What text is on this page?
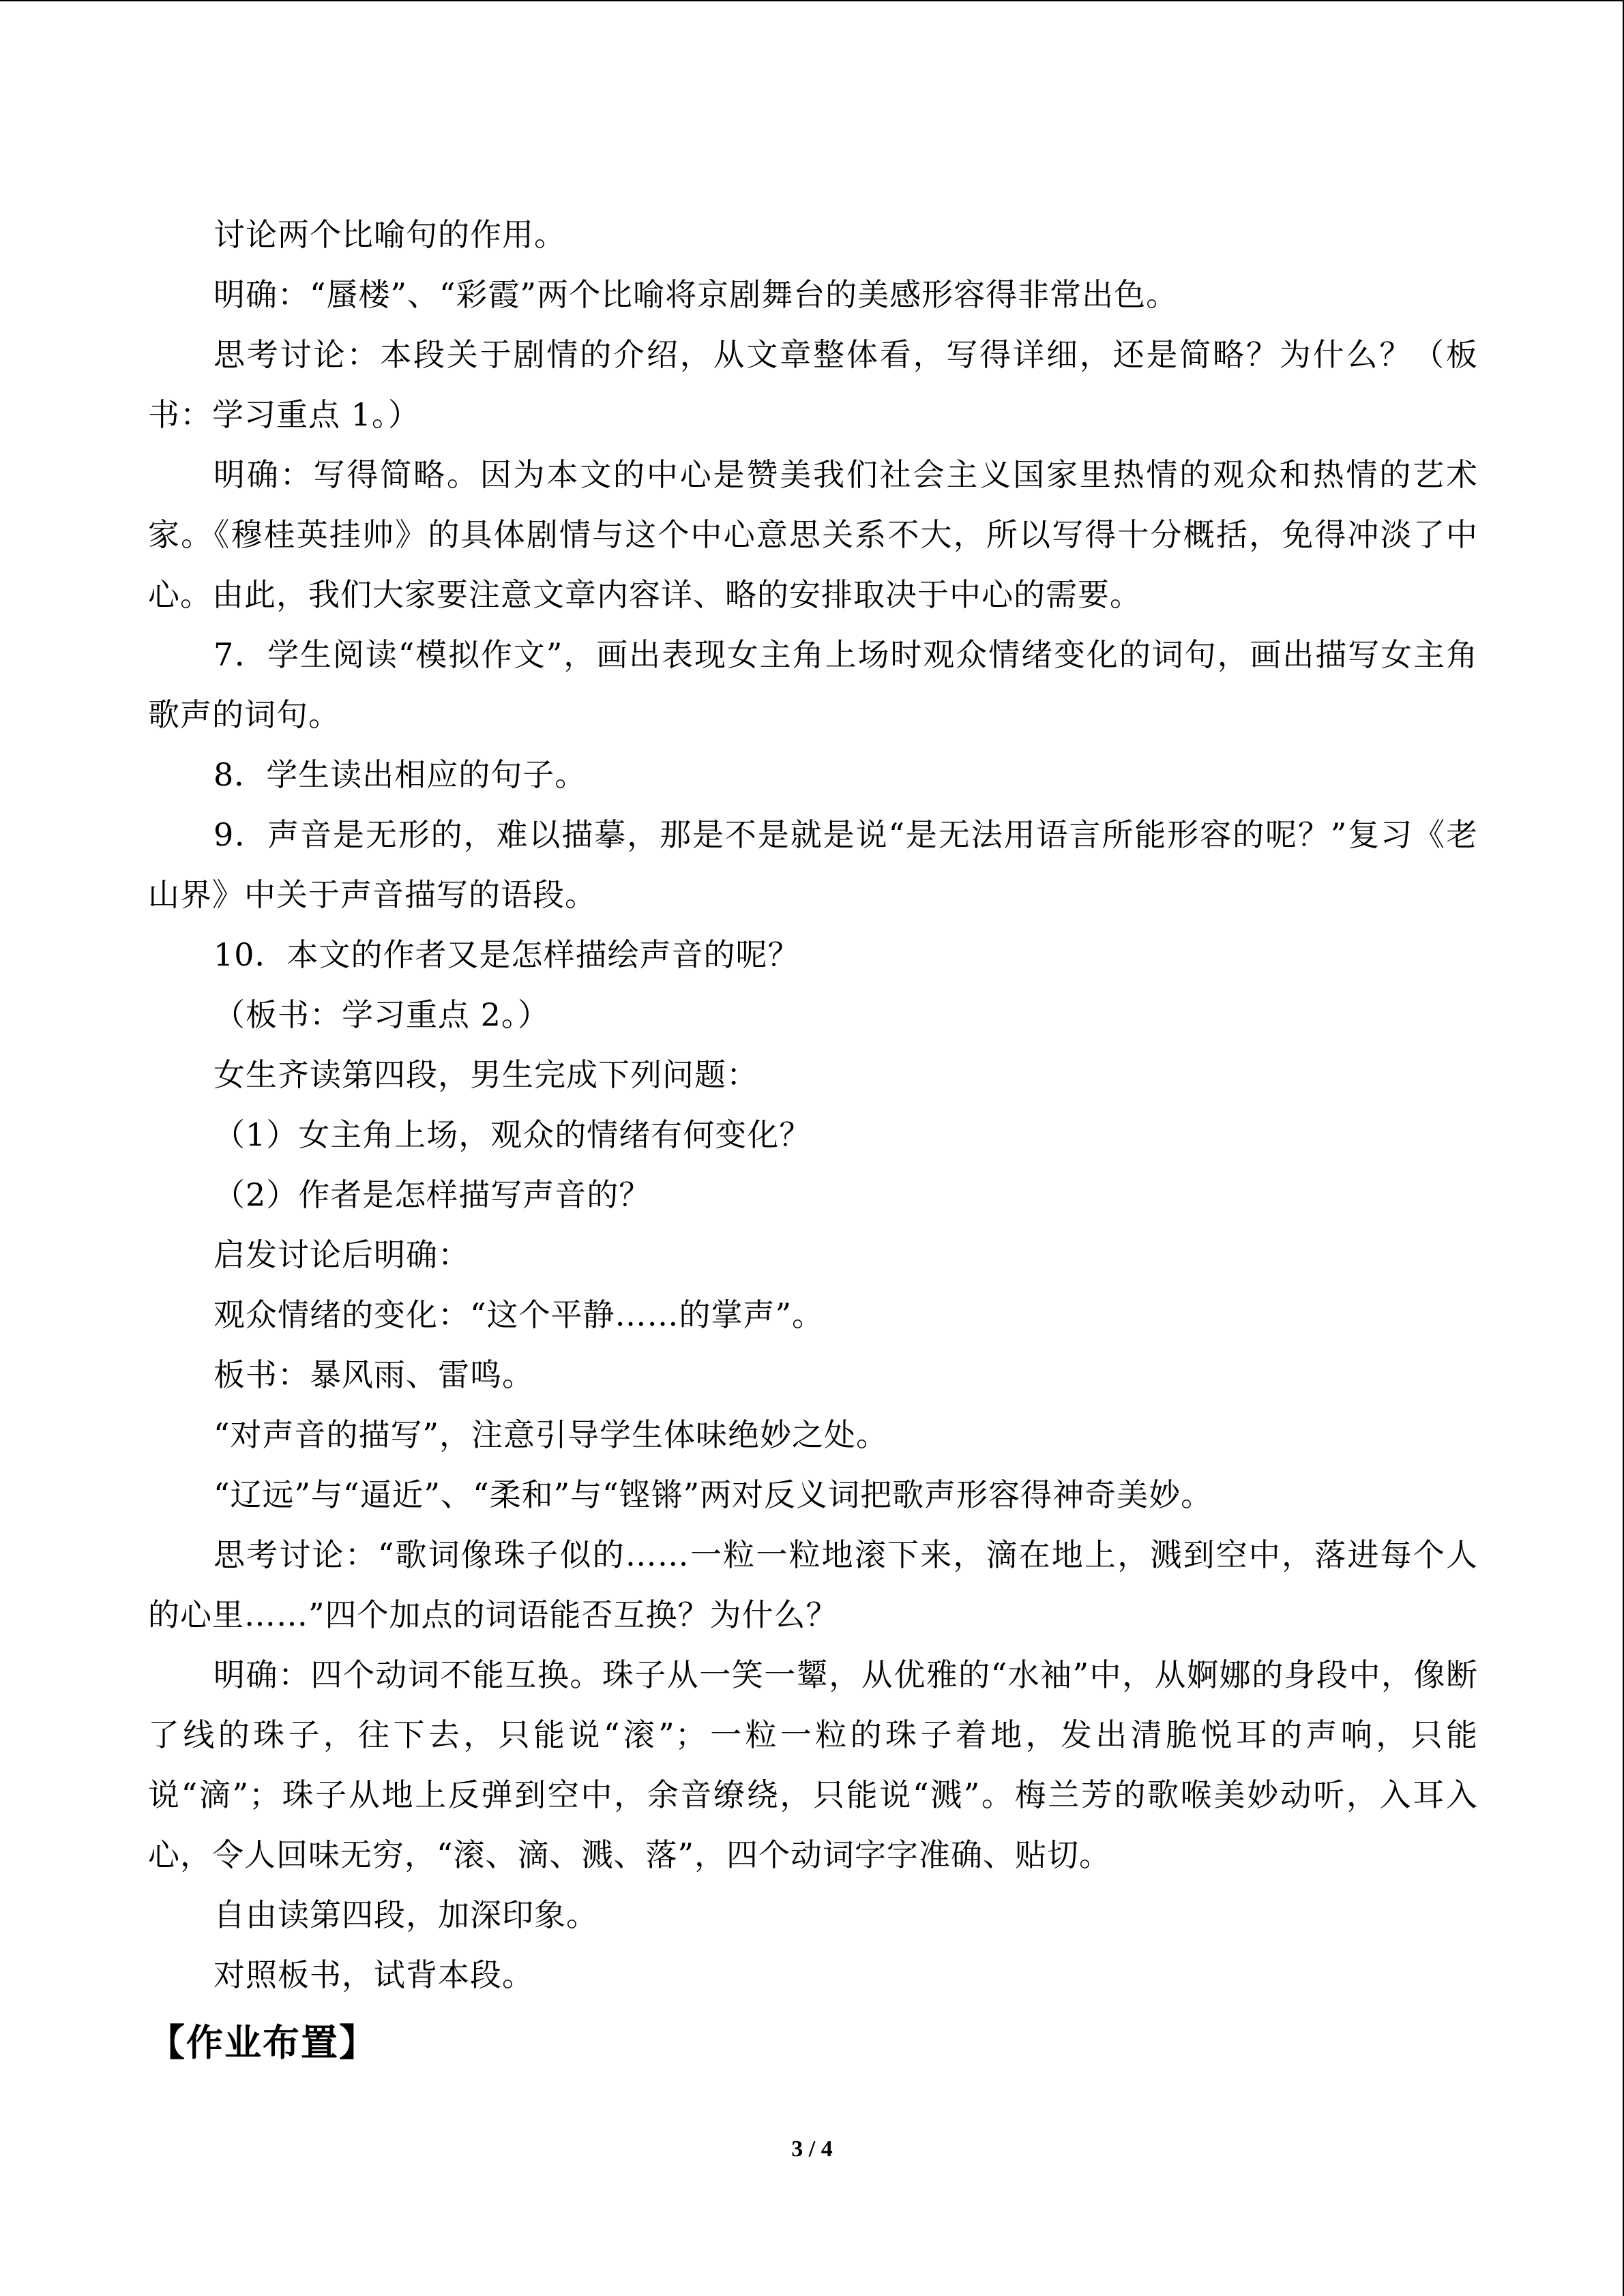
讨论两个比喻句的作用。

明确：“蜃楼”、“彩霞”两个比喻将京剧舞台的美感形容得非常出色。

思考讨论：本段关于剧情的介绍，从文章整体看，写得详细，还是简略？为什么？（板书：学习重点 1。）

明确：写得简略。因为本文的中心是赞美我们社会主义国家里热情的观众和热情的艺术家。《穆桂英挂帅》的具体剧情与这个中心意思关系不大，所以写得十分概括，免得冲淡了中心。由此，我们大家要注意文章内容详、略的安排取决于中心的需要。

7．学生阅读“模拟作文”，画出表现女主角上场时观众情绪变化的词句，画出描写女主角歌声的词句。

8．学生读出相应的句子。

9．声音是无形的，难以描摹，那是不是就是说“是无法用语言所能形容的呢？”复习《老山界》中关于声音描写的语段。

10．本文的作者又是怎样描绘声音的呢？

（板书：学习重点 2。）

女生齐读第四段，男生完成下列问题：

（1）女主角上场，观众的情绪有何变化？

（2）作者是怎样描写声音的？

启发讨论后明确：

观众情绪的变化：“这个平静……的掌声”。

板书：暴风雨、雷鸣。

“对声音的描写”，注意引导学生体味绝妙之处。

“辽远”与“逼近”、“柔和”与“铿锵”两对反义词把歌声形容得神奇美妙。

思考讨论：“歌词像珠子似的……一粒一粒地滚下来，滴在地上，溅到空中，落进每个人的心里……”四个加点的词语能否互换？为什么？

明确：四个动词不能互换。珠子从一笑一颦，从优雅的“水袖”中，从婀娜的身段中，像断了线的珠子，往下去，只能说“滚”；一粒一粒的珠子着地，发出清脆悦耳的声响，只能说“滴”；珠子从地上反弹到空中，余音缭绕，只能说“溅”。梅兰芳的歌喉美妙动听，入耳入心，令人回味无穷，“滚、滴、溅、落”，四个动词字字准确、贴切。

自由读第四段，加深印象。

对照板书，试背本段。

【作业布置】
3 / 4
